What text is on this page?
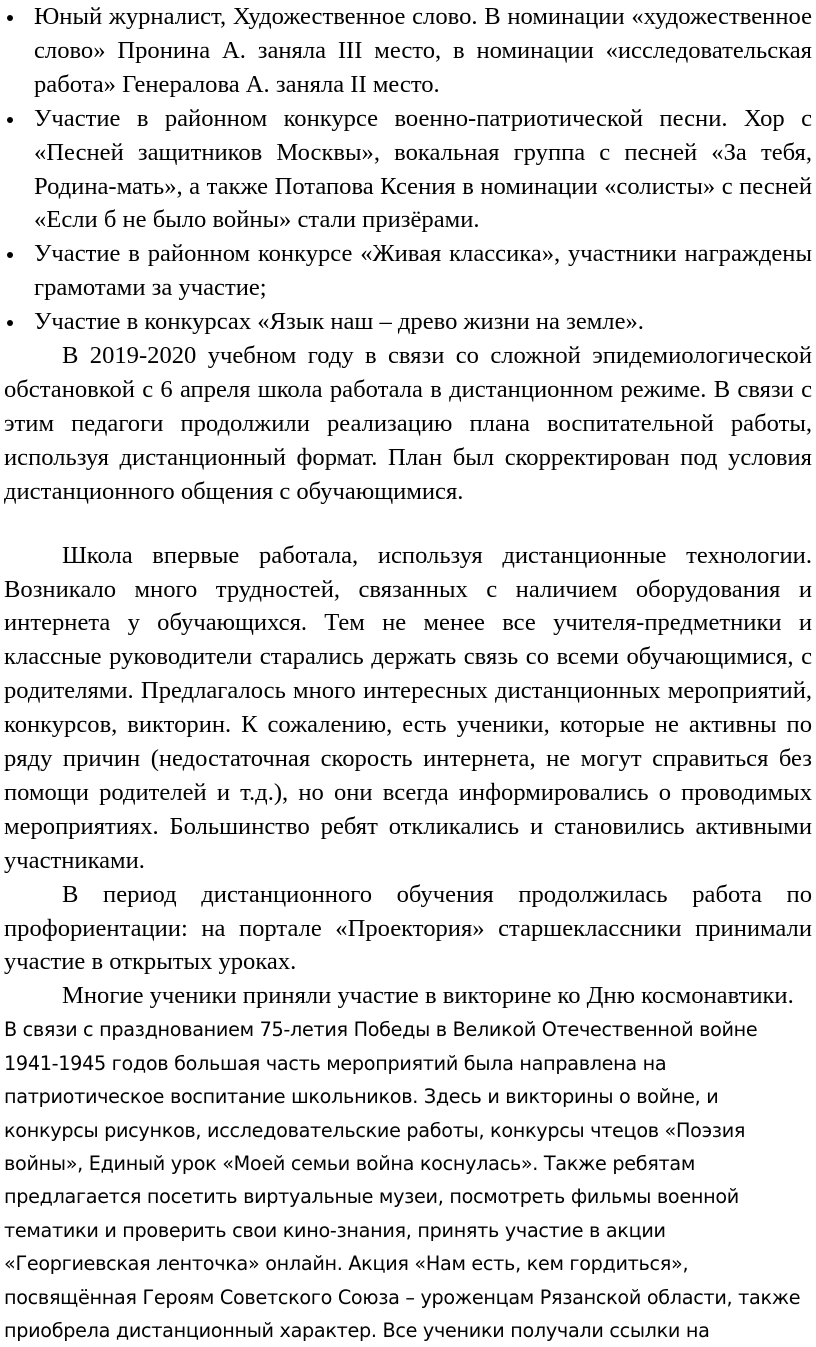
Юный журналист, Художественное слово. В номинации «художественное слово» Пронина А. заняла III место, в номинации «исследовательская работа» Генералова А. заняла II место.
Участие в районном конкурсе военно-патриотической песни. Хор с «Песней защитников Москвы», вокальная группа с песней «За тебя, Родина-мать», а также Потапова Ксения в номинации «солисты» с песней «Если б не было войны» стали призёрами.
Участие в районном конкурсе «Живая классика», участники награждены грамотами за участие;
Участие в конкурсах «Язык наш – древо жизни на земле».

В 2019-2020 учебном году в связи со сложной эпидемиологической обстановкой с 6 апреля школа работала в дистанционном режиме. В связи с этим педагоги продолжили реализацию плана воспитательной работы, используя дистанционный формат. План был скорректирован под условия дистанционного общения с обучающимися.

Школа впервые работала, используя дистанционные технологии. Возникало много трудностей, связанных с наличием оборудования и интернета у обучающихся. Тем не менее все учителя-предметники и классные руководители старались держать связь со всеми обучающимися, с родителями. Предлагалось много интересных дистанционных мероприятий, конкурсов, викторин. К сожалению, есть ученики, которые не активны по ряду причин (недостаточная скорость интернета, не могут справиться без помощи родителей и т.д.), но они всегда информировались о проводимых мероприятиях. Большинство ребят откликались и становились активными участниками.

В период дистанционного обучения продолжилась работа по профориентации: на портале «Проектория» старшеклассники принимали участие в открытых уроках.

Многие ученики приняли участие в викторине ко Дню космонавтики.

В связи с празднованием 75-летия Победы в Великой Отечественной войне 1941-1945 годов большая часть мероприятий была направлена на патриотическое воспитание школьников. Здесь и викторины о войне, и конкурсы рисунков, исследовательские работы, конкурсы чтецов «Поэзия войны», Единый урок «Моей семьи война коснулась». Также ребятам предлагается посетить виртуальные музеи, посмотреть фильмы военной тематики и проверить свои кино-знания, принять участие в акции «Георгиевская ленточка» онлайн. Акция «Нам есть, кем гордиться», посвящённая Героям Советского Союза – уроженцам Рязанской области, также приобрела дистанционный характер. Все ученики получали ссылки на
